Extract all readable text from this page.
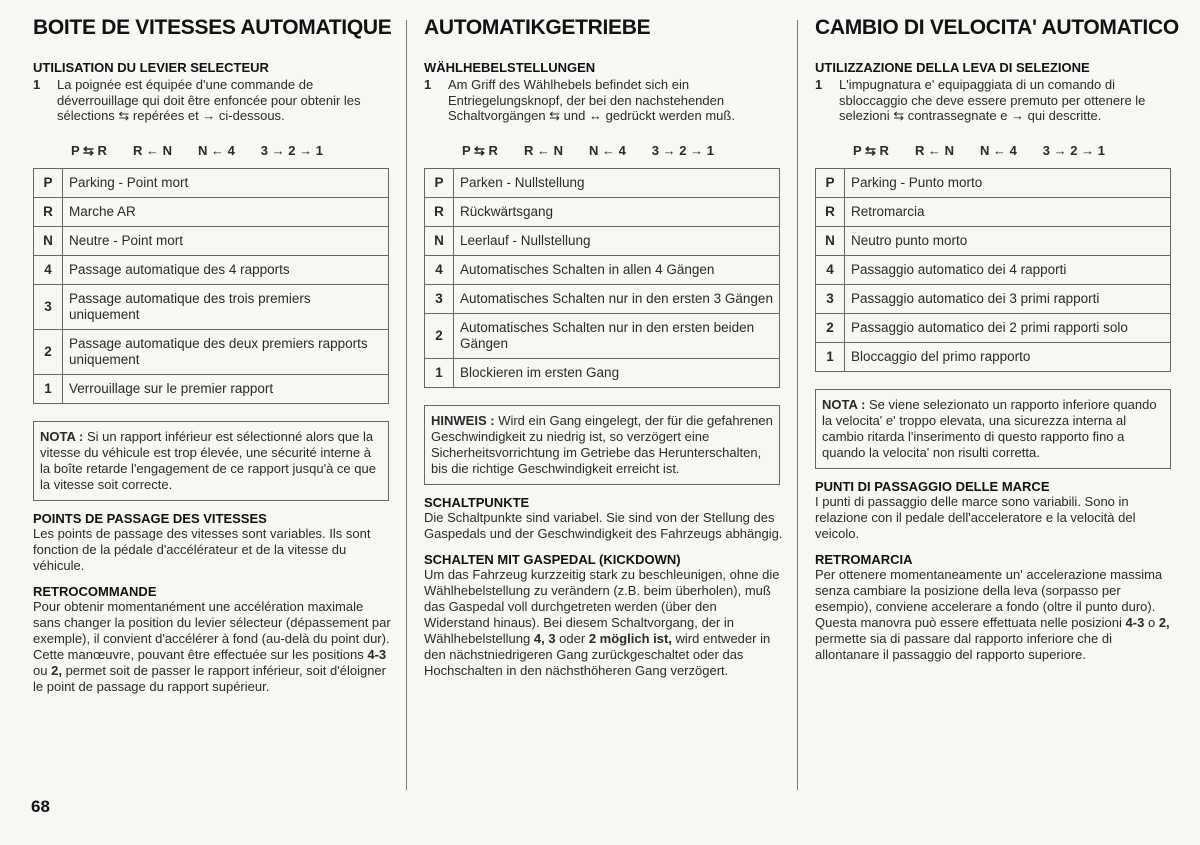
BOITE DE VITESSES AUTOMATIQUE
UTILISATION DU LEVIER SELECTEUR
1	La poignée est équipée d'une commande de déverrouillage qui doit être enfoncée pour obtenir les sélections ⇆ repérées et → ci-dessous.
P ⇆ R R ← N N ← 4 3 → 2 → 1
P	Parking - Point mort
R	Marche AR
N	Neutre - Point mort
4	Passage automatique des 4 rapports
3	Passage automatique des trois premiers uniquement
2	Passage automatique des deux premiers rapports uniquement
1	Verrouillage sur le premier rapport
NOTA : Si un rapport inférieur est sélectionné alors que la vitesse du véhicule est trop élevée, une sécurité interne à la boîte retarde l'engagement de ce rapport jusqu'à ce que la vitesse soit correcte.
POINTS DE PASSAGE DES VITESSES
Les points de passage des vitesses sont variables. Ils sont fonction de la pédale d'accélérateur et de la vitesse du véhicule.
RETROCOMMANDE
Pour obtenir momentanément une accélération maximale sans changer la position du levier sélecteur (dépassement par exemple), il convient d'accélérer à fond (au-delà du point dur). Cette manœuvre, pouvant être effectuée sur les positions 4-3 ou 2, permet soit de passer le rapport inférieur, soit d'éloigner le point de passage du rapport supérieur.
AUTOMATIKGETRIEBE
WÄHLHEBELSTELLUNGEN
1	Am Griff des Wählhebels befindet sich ein Entriegelungsknopf, der bei den nachstehenden Schaltvorgängen ⇆ und ↔ gedrückt werden muß.
P ⇆ R R ← N N ← 4 3 → 2 → 1
P	Parken - Nullstellung
R	Rückwärtsgang
N	Leerlauf - Nullstellung
4	Automatisches Schalten in allen 4 Gängen
3	Automatisches Schalten nur in den ersten 3 Gängen
2	Automatisches Schalten nur in den ersten beiden Gängen
1	Blockieren im ersten Gang
HINWEIS : Wird ein Gang eingelegt, der für die gefahrenen Geschwindigkeit zu niedrig ist, so verzögert eine Sicherheitsvorrichtung im Getriebe das Herunterschalten, bis die richtige Geschwindigkeit erreicht ist.
SCHALTPUNKTE
Die Schaltpunkte sind variabel. Sie sind von der Stellung des Gaspedals und der Geschwindigkeit des Fahrzeugs abhängig.
SCHALTEN MIT GASPEDAL (KICKDOWN)
Um das Fahrzeug kurzzeitig stark zu beschleunigen, ohne die Wählhebelstellung zu verändern (z.B. beim überholen), muß das Gaspedal voll durchgetreten werden (über den Widerstand hinaus). Bei diesem Schaltvorgang, der in Wählhebelstellung 4, 3 oder 2 möglich ist, wird entweder in den nächstniedrigeren Gang zurückgeschaltet oder das Hochschalten in den nächsthöheren Gang verzögert.
CAMBIO DI VELOCITA' AUTOMATICO
UTILIZZAZIONE DELLA LEVA DI SELEZIONE
1	L'impugnatura e' equipaggiata di un comando di sbloccaggio che deve essere premuto per ottenere le selezioni ⇆ contrassegnate e → qui descritte.
P ⇆ R R ← N N ← 4 3 → 2 → 1
P	Parking - Punto morto
R	Retromarcia
N	Neutro punto morto
4	Passaggio automatico dei 4 rapporti
3	Passaggio automatico dei 3 primi rapporti
2	Passaggio automatico dei 2 primi rapporti solo
1	Bloccaggio del primo rapporto
NOTA : Se viene selezionato un rapporto inferiore quando la velocita' e' troppo elevata, una sicurezza interna al cambio ritarda l'inserimento di questo rapporto fino a quando la velocita' non risulti corretta.
PUNTI DI PASSAGGIO DELLE MARCE
I punti di passaggio delle marce sono variabili. Sono in relazione con il pedale dell'acceleratore e la velocità del veicolo.
RETROMARCIA
Per ottenere momentaneamente un' accelerazione massima senza cambiare la posizione della leva (sorpasso per esempio), conviene accelerare a fondo (oltre il punto duro). Questa manovra può essere effettuata nelle posizioni 4-3 o 2, permette sia di passare dal rapporto inferiore che di allontanare il passaggio del rapporto superiore.
68
